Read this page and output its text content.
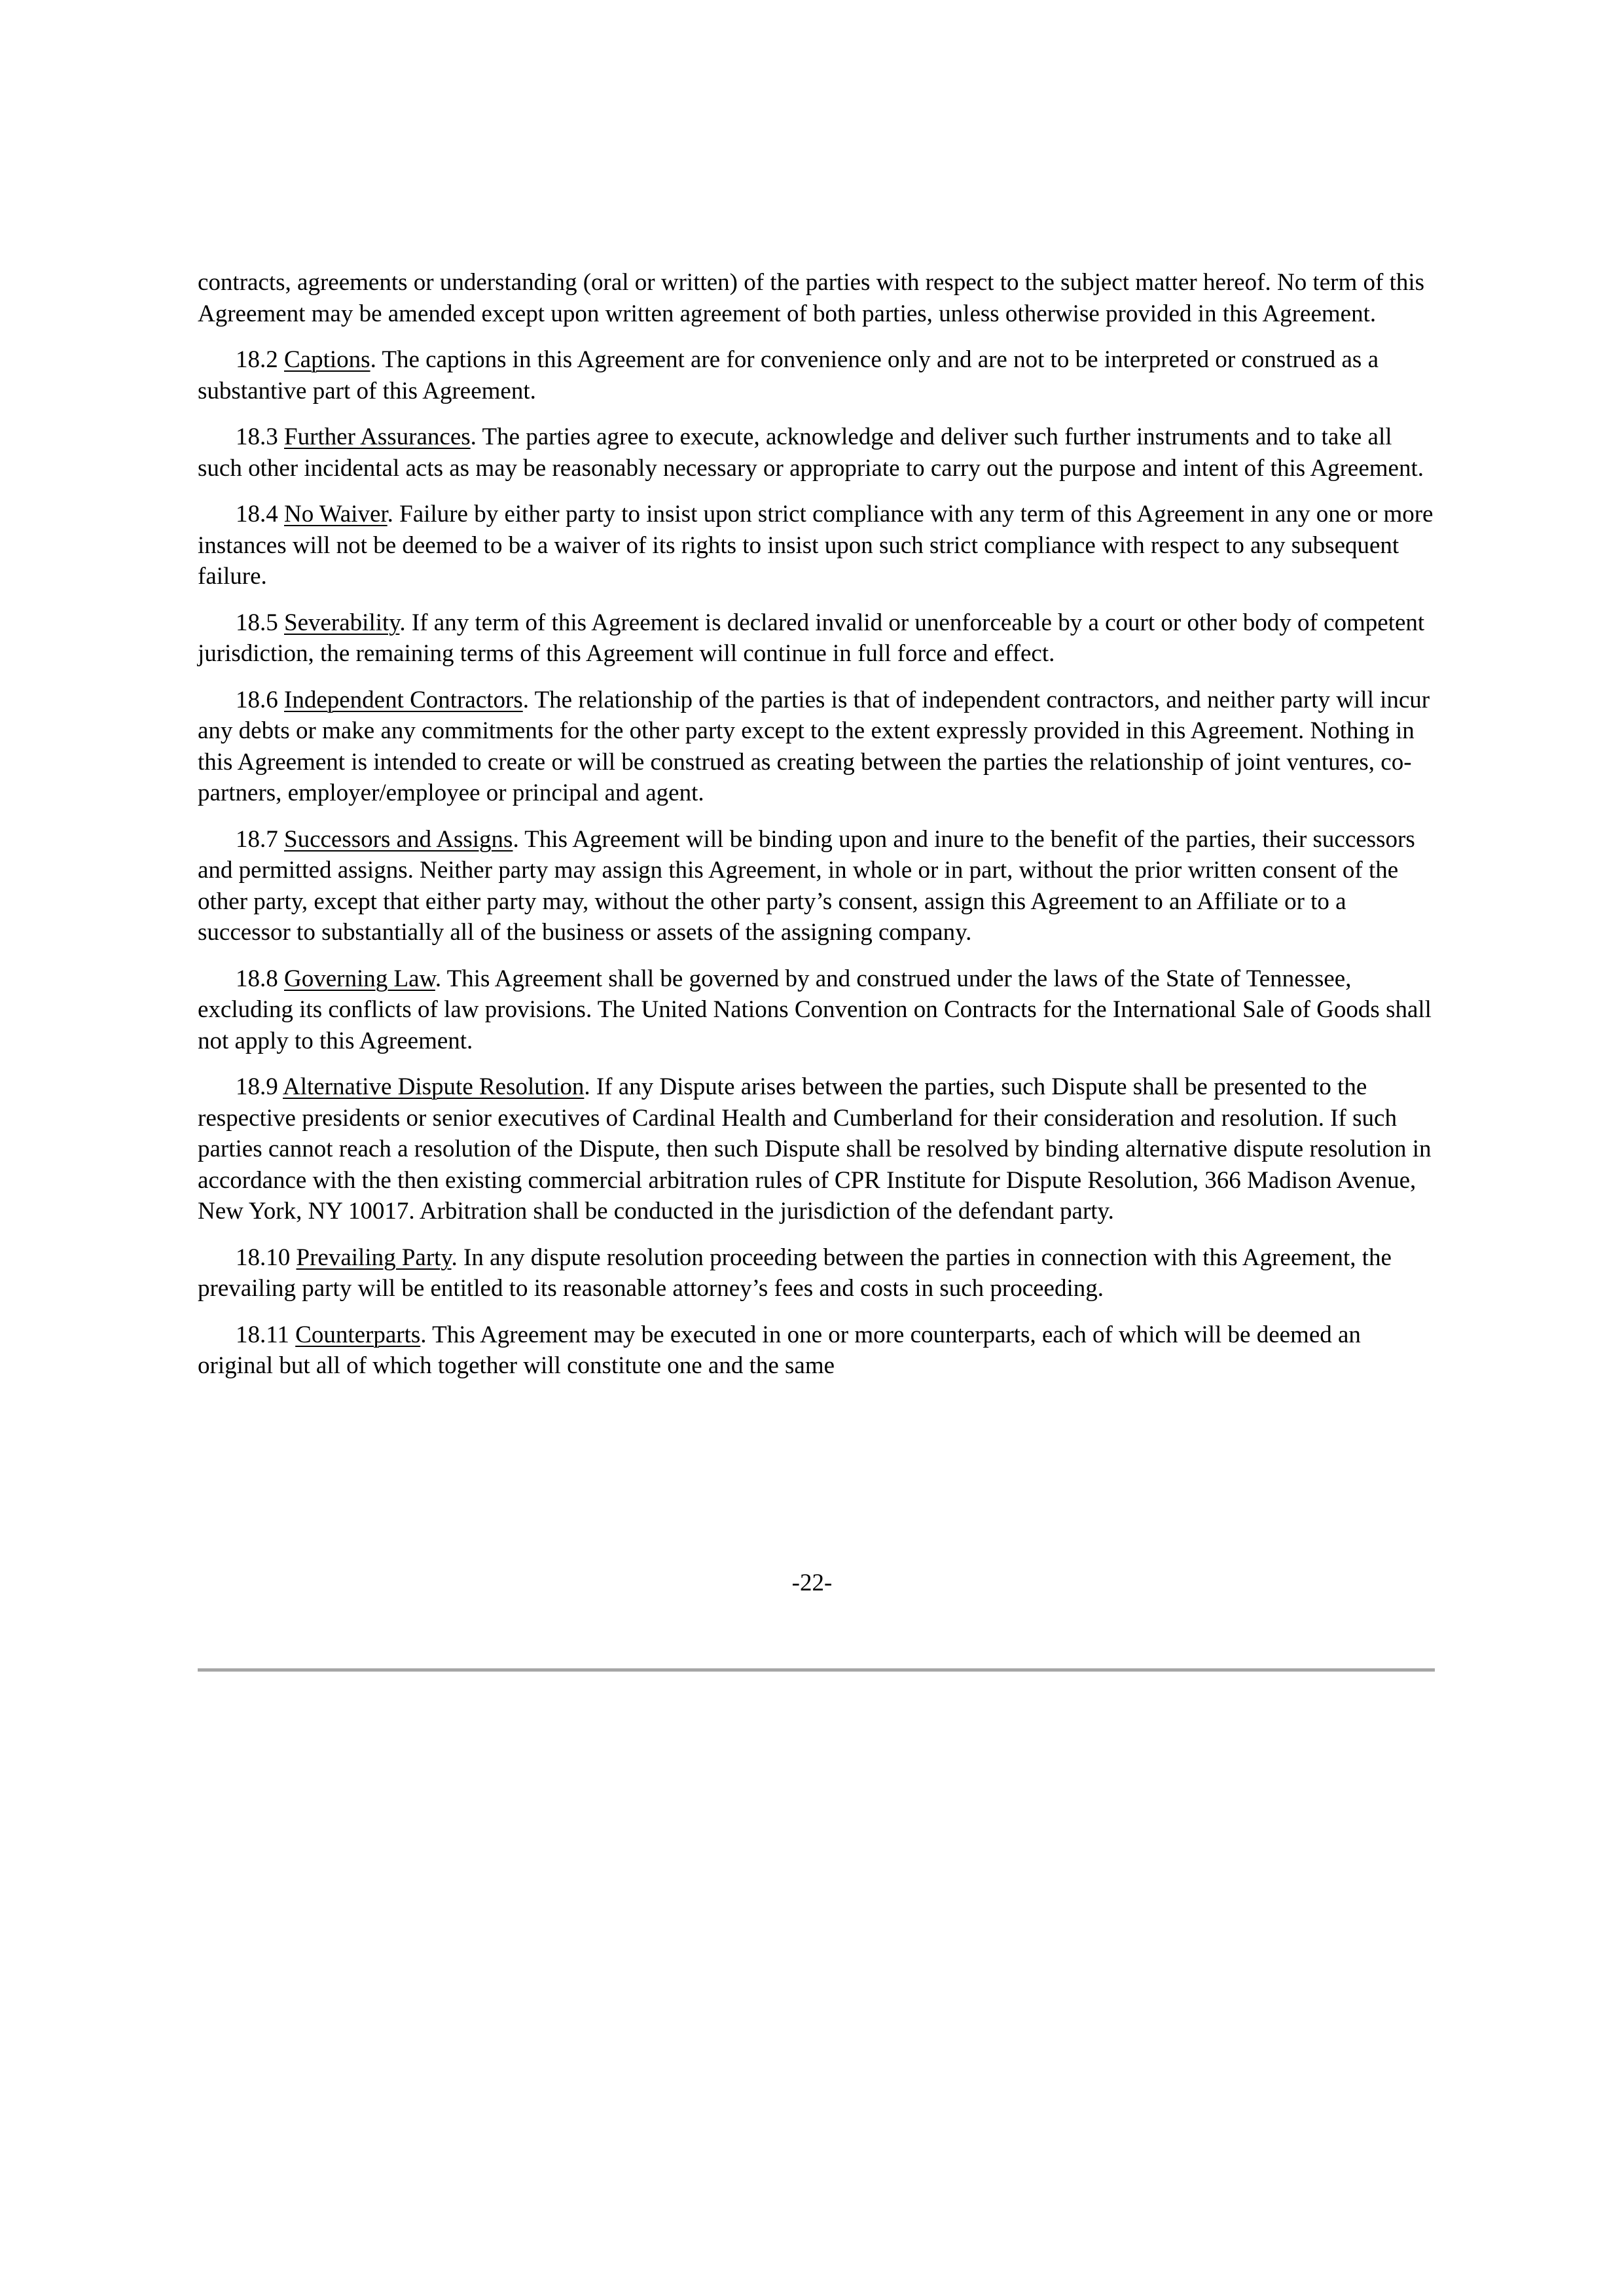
contracts, agreements or understanding (oral or written) of the parties with respect to the subject matter hereof. No term of this Agreement may be amended except upon written agreement of both parties, unless otherwise provided in this Agreement.

18.2 Captions. The captions in this Agreement are for convenience only and are not to be interpreted or construed as a substantive part of this Agreement.

18.3 Further Assurances. The parties agree to execute, acknowledge and deliver such further instruments and to take all such other incidental acts as may be reasonably necessary or appropriate to carry out the purpose and intent of this Agreement.

18.4 No Waiver. Failure by either party to insist upon strict compliance with any term of this Agreement in any one or more instances will not be deemed to be a waiver of its rights to insist upon such strict compliance with respect to any subsequent failure.

18.5 Severability. If any term of this Agreement is declared invalid or unenforceable by a court or other body of competent jurisdiction, the remaining terms of this Agreement will continue in full force and effect.

18.6 Independent Contractors. The relationship of the parties is that of independent contractors, and neither party will incur any debts or make any commitments for the other party except to the extent expressly provided in this Agreement. Nothing in this Agreement is intended to create or will be construed as creating between the parties the relationship of joint ventures, co-partners, employer/employee or principal and agent.

18.7 Successors and Assigns. This Agreement will be binding upon and inure to the benefit of the parties, their successors and permitted assigns. Neither party may assign this Agreement, in whole or in part, without the prior written consent of the other party, except that either party may, without the other party’s consent, assign this Agreement to an Affiliate or to a successor to substantially all of the business or assets of the assigning company.

18.8 Governing Law. This Agreement shall be governed by and construed under the laws of the State of Tennessee, excluding its conflicts of law provisions. The United Nations Convention on Contracts for the International Sale of Goods shall not apply to this Agreement.

18.9 Alternative Dispute Resolution. If any Dispute arises between the parties, such Dispute shall be presented to the respective presidents or senior executives of Cardinal Health and Cumberland for their consideration and resolution. If such parties cannot reach a resolution of the Dispute, then such Dispute shall be resolved by binding alternative dispute resolution in accordance with the then existing commercial arbitration rules of CPR Institute for Dispute Resolution, 366 Madison Avenue, New York, NY 10017. Arbitration shall be conducted in the jurisdiction of the defendant party.

18.10 Prevailing Party. In any dispute resolution proceeding between the parties in connection with this Agreement, the prevailing party will be entitled to its reasonable attorney’s fees and costs in such proceeding.

18.11 Counterparts. This Agreement may be executed in one or more counterparts, each of which will be deemed an original but all of which together will constitute one and the same

-22-
